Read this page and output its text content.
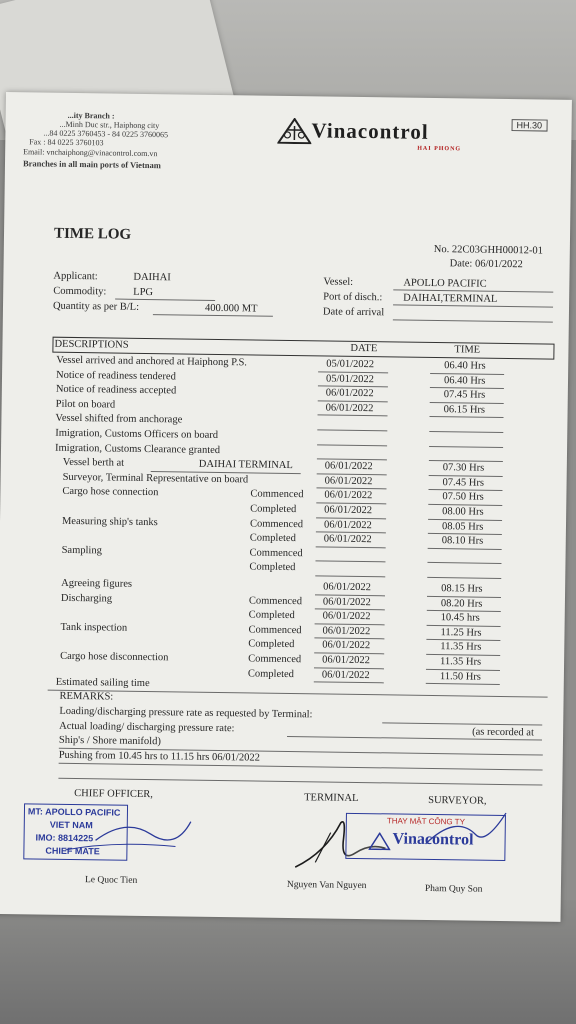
...ity Branch :
...Minh Duc str., Haiphong city
...84 0225 3760453 - 84 0225 3760065
Fax : 84 0225 3760103
Email: vnchaiphong@vinacontrol.com.vn
Branches in all main ports of Vietnam
Vinacontrol
HAI PHONG
HH.30
TIME LOG
No. 22C03GHH00012-01
Date: 06/01/2022
Applicant:	DAIHAI
Commodity:	LPG
Quantity as per B/L:	400.000 MT
Vessel:	APOLLO PACIFIC
Port of disch.: DAIHAI,TERMINAL
Date of arrival
DESCRIPTIONS	DATE	TIME
Vessel arrived and anchored at Haiphong P.S.	05/01/2022	06.40 Hrs
Notice of readiness tendered	05/01/2022	06.40 Hrs
Notice of readiness accepted	06/01/2022	07.45 Hrs
Pilot on board	06/01/2022	06.15 Hrs
Vessel shifted from anchorage
Imigration, Customs Officers on board
Imigration, Customs Clearance granted
Vessel berth at	DAIHAI TERMINAL	06/01/2022	07.30 Hrs
Surveyor, Terminal Representative on board	06/01/2022	07.45 Hrs
Cargo hose connection	Commenced 06/01/2022	07.50 Hrs
Completed	06/01/2022	08.00 Hrs
Measuring ship's tanks	Commenced 06/01/2022	08.05 Hrs
Completed	06/01/2022	08.10 Hrs
Sampling	Commenced
Completed
Agreeing figures	06/01/2022	08.15 Hrs
Discharging	Commenced 06/01/2022	08.20 Hrs
Completed	06/01/2022	10.45 hrs
Tank inspection	Commenced 06/01/2022	11.25 Hrs
Completed	06/01/2022	11.35 Hrs
Cargo hose disconnection	Commenced 06/01/2022	11.35 Hrs
Completed	06/01/2022	11.50 Hrs
Estimated sailing time
REMARKS:
Loading/discharging pressure rate as requested by Terminal:
Actual loading/ discharging pressure rate:	(as recorded at
Ship's / Shore manifold)
Pushing from 10.45 hrs to 11.15 hrs 06/01/2022
CHIEF OFFICER,	TERMINAL	SURVEYOR,
MT: APOLLO PACIFIC
VIET NAM
IMO: 8814225
CHIEF MATE
THAY MẶT CÔNG TY
Vinacontrol
Le Quoc Tien	Nguyen Van Nguyen	Pham Quy Son
